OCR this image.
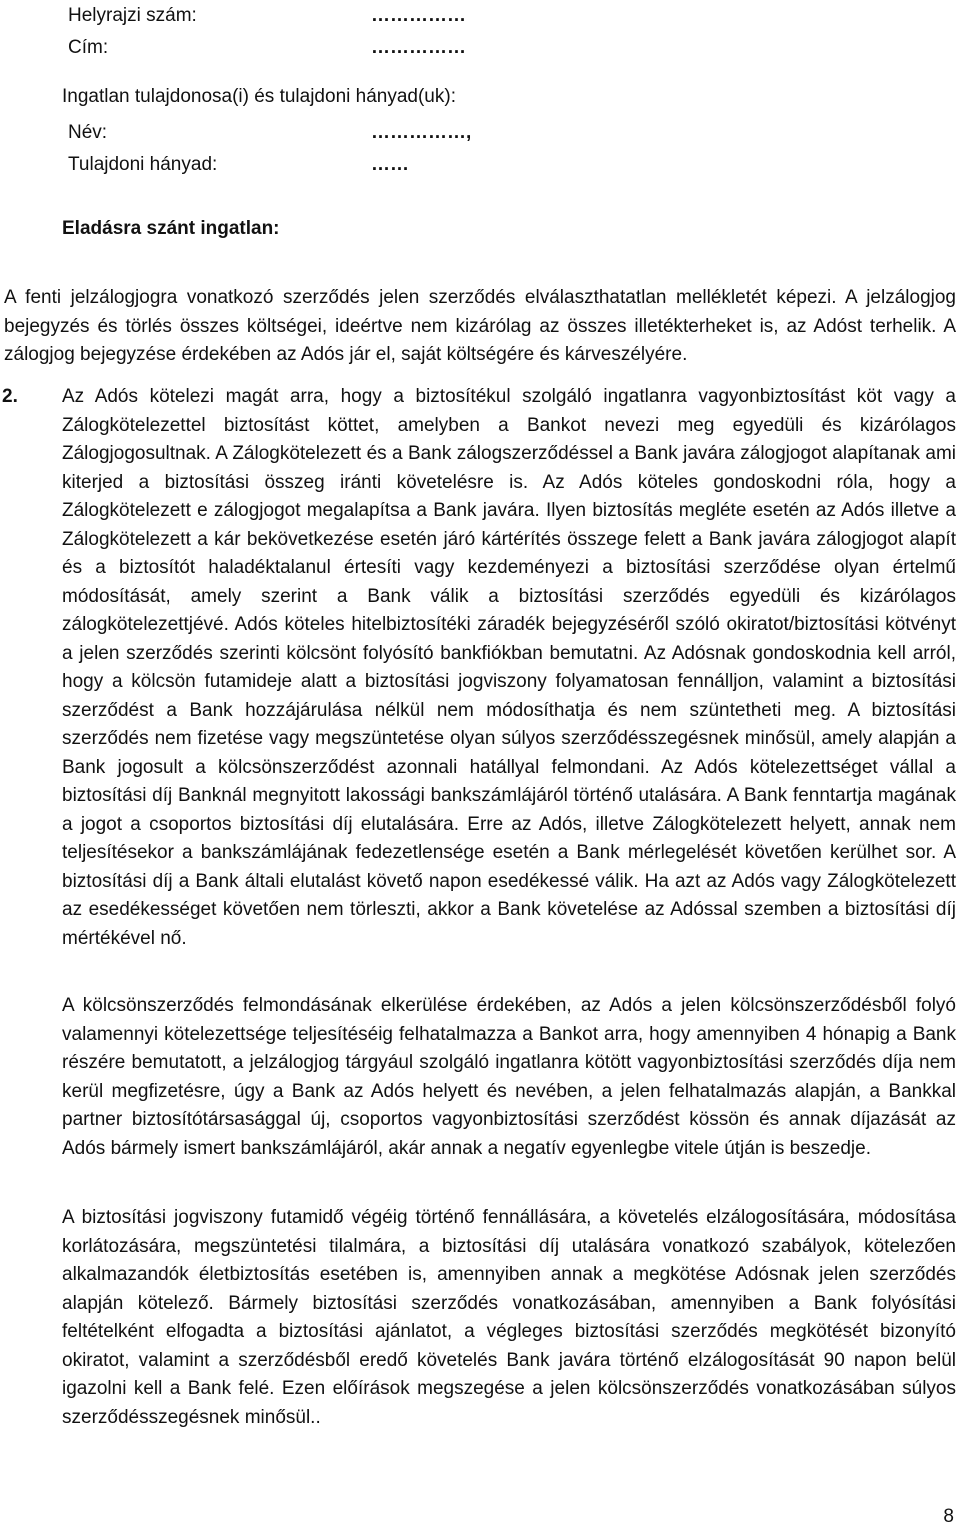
Helyrajzi szám:	……………
Cím:	……………
Ingatlan tulajdonosa(i) és tulajdoni hányad(uk):
Név:	……………,
Tulajdoni hányad:	……
Eladásra szánt ingatlan:

A fenti jelzálogjogra vonatkozó szerződés jelen szerződés elválaszthatatlan mellékletét képezi. A jelzálogjog bejegyzés és törlés összes költségei, ideértve nem kizárólag az összes illetékterheket is, az Adóst terhelik. A zálogjog bejegyzése érdekében az Adós jár el, saját költségére és kárveszélyére.

2. Az Adós kötelezi magát arra, hogy a biztosítékul szolgáló ingatlanra vagyonbiztosítást köt vagy a Zálogkötelezettel biztosítást köttet, amelyben a Bankot nevezi meg egyedüli és kizárólagos Zálogjogosultnak. A Zálogkötelezett és a Bank zálogszerződéssel a Bank javára zálogjogot alapítanak ami kiterjed a biztosítási összeg iránti követelésre is. Az Adós köteles gondoskodni róla, hogy a Zálogkötelezett e zálogjogot megalapítsa a Bank javára. Ilyen biztosítás megléte esetén az Adós illetve a Zálogkötelezett a kár bekövetkezése esetén járó kártérítés összege felett a Bank javára zálogjogot alapít és a biztosítót haladéktalanul értesíti vagy kezdeményezi a biztosítási szerződése olyan értelmű módosítását, amely szerint a Bank válik a biztosítási szerződés egyedüli és kizárólagos zálogkötelezettjévé. Adós köteles hitelbiztosítéki záradék bejegyzéséről szóló okiratot/biztosítási kötvényt a jelen szerződés szerinti kölcsönt folyósító bankfiókban bemutatni. Az Adósnak gondoskodnia kell arról, hogy a kölcsön futamideje alatt a biztosítási jogviszony folyamatosan fennálljon, valamint a biztosítási szerződést a Bank hozzájárulása nélkül nem módosíthatja és nem szüntetheti meg. A biztosítási szerződés nem fizetése vagy megszüntetése olyan súlyos szerződésszegésnek minősül, amely alapján a Bank jogosult a kölcsönszerződést azonnali hatállyal felmondani. Az Adós kötelezettséget vállal a biztosítási díj Banknál megnyitott lakossági bankszámlájáról történő utalására. A Bank fenntartja magának a jogot a csoportos biztosítási díj elutalására. Erre az Adós, illetve Zálogkötelezett helyett, annak nem teljesítésekor a bankszámlájának fedezetlensége esetén a Bank mérlegelését követően kerülhet sor. A biztosítási díj a Bank általi elutalást követő napon esedékessé válik. Ha azt az Adós vagy Zálogkötelezett az esedékességet követően nem törleszti, akkor a Bank követelése az Adóssal szemben a biztosítási díj mértékével nő.

A kölcsönszerződés felmondásának elkerülése érdekében, az Adós a jelen kölcsönszerződésből folyó valamennyi kötelezettsége teljesítéséig felhatalmazza a Bankot arra, hogy amennyiben 4 hónapig a Bank részére bemutatott, a jelzálogjog tárgyául szolgáló ingatlanra kötött vagyonbiztosítási szerződés díja nem kerül megfizetésre, úgy a Bank az Adós helyett és nevében, a jelen felhatalmazás alapján, a Bankkal partner biztosítótársasággal új, csoportos vagyonbiztosítási szerződést kössön és annak díjazását az Adós bármely ismert bankszámlájáról, akár annak a negatív egyenlegbe vitele útján is beszedje.

A biztosítási jogviszony futamidő végéig történő fennállására, a követelés elzálogosítására, módosítása korlátozására, megszüntetési tilalmára, a biztosítási díj utalására vonatkozó szabályok, kötelezően alkalmazandók életbiztosítás esetében is, amennyiben annak a megkötése Adósnak jelen szerződés alapján kötelező. Bármely biztosítási szerződés vonatkozásában, amennyiben a Bank folyósítási feltételként elfogadta a biztosítási ajánlatot, a végleges biztosítási szerződés megkötését bizonyító okiratot, valamint a szerződésből eredő követelés Bank javára történő elzálogosítását 90 napon belül igazolni kell a Bank felé. Ezen előírások megszegése a jelen kölcsönszerződés vonatkozásában súlyos szerződésszegésnek minősül..

8
